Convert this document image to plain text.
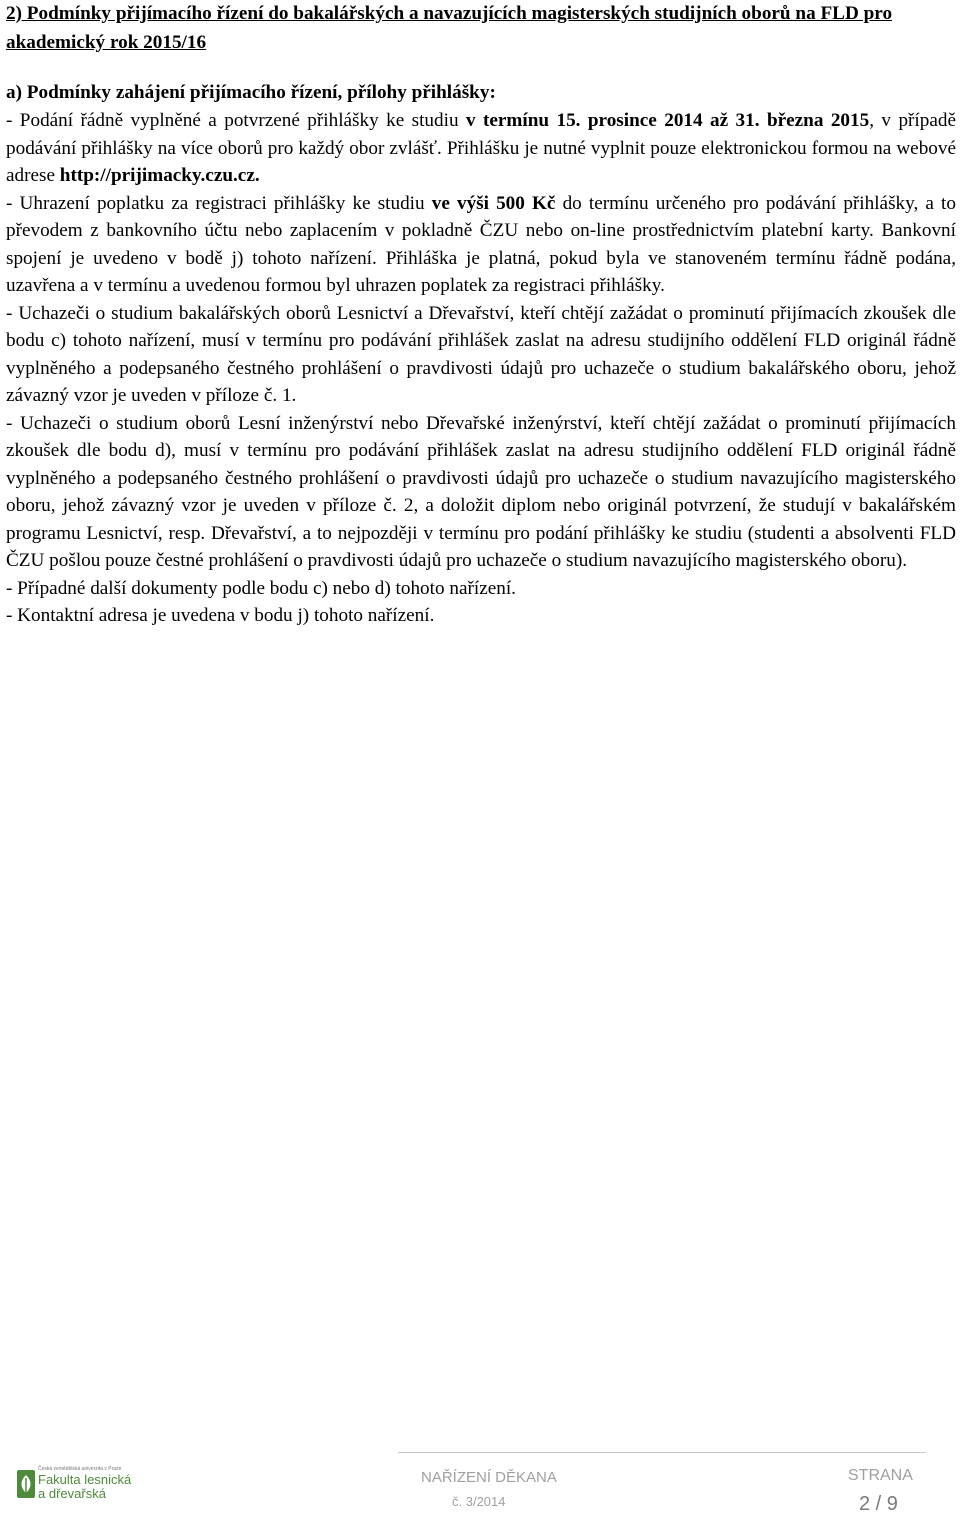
2) Podmínky přijímacího řízení do bakalářských a navazujících magisterských studijních oborů na FLD pro akademický rok 2015/16
a) Podmínky zahájení přijímacího řízení, přílohy přihlášky:

- Podání řádně vyplněné a potvrzené přihlášky ke studiu v termínu 15. prosince 2014 až 31. března 2015, v případě podávání přihlášky na více oborů pro každý obor zvlášť. Přihlášku je nutné vyplnit pouze elektronickou formou na webové adrese http://prijimacky.czu.cz.

- Uhrazení poplatku za registraci přihlášky ke studiu ve výši 500 Kč do termínu určeného pro podávání přihlášky, a to převodem z bankovního účtu nebo zaplacením v pokladně ČZU nebo on-line prostřednictvím platební karty. Bankovní spojení je uvedeno v bodě j) tohoto nařízení. Přihláška je platná, pokud byla ve stanoveném termínu řádně podána, uzavřena a v termínu a uvedenou formou byl uhrazen poplatek za registraci přihlášky.

- Uchazeči o studium bakalářských oborů Lesnictví a Dřevařství, kteří chtějí zažádat o prominutí přijímacích zkoušek dle bodu c) tohoto nařízení, musí v termínu pro podávání přihlášek zaslat na adresu studijního oddělení FLD originál řádně vyplněného a podepsaného čestného prohlášení o pravdivosti údajů pro uchazeče o studium bakalářského oboru, jehož závazný vzor je uveden v příloze č. 1.

- Uchazeči o studium oborů Lesní inženýrství nebo Dřevařské inženýrství, kteří chtějí zažádat o prominutí přijímacích zkoušek dle bodu d), musí v termínu pro podávání přihlášek zaslat na adresu studijního oddělení FLD originál řádně vyplněného a podepsaného čestného prohlášení o pravdivosti údajů pro uchazeče o studium navazujícího magisterského oboru, jehož závazný vzor je uveden v příloze č. 2, a doložit diplom nebo originál potvrzení, že studují v bakalářském programu Lesnictví, resp. Dřevařství, a to nejpozději v termínu pro podání přihlášky ke studiu (studenti a absolventi FLD ČZU pošlou pouze čestné prohlášení o pravdivosti údajů pro uchazeče o studium navazujícího magisterského oboru).

- Případné další dokumenty podle bodu c) nebo d) tohoto nařízení.

- Kontaktní adresa je uvedena v bodu j) tohoto nařízení.

Česká zemědělská univerzita v Praze
Fakulta lesnická
a dřevařská
NAŘÍZENÍ DĚKANA
č. 3/2014
STRANA
2 / 9
